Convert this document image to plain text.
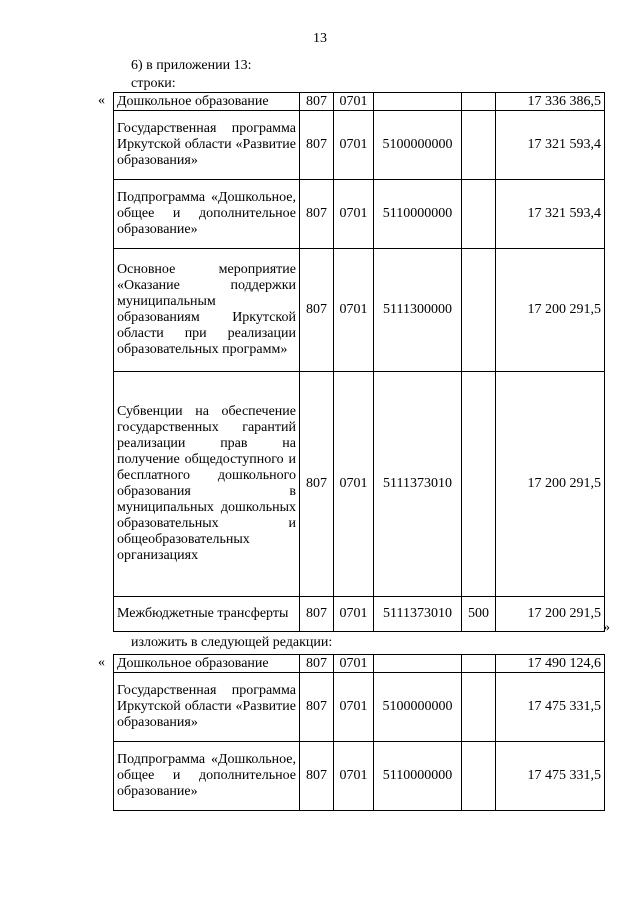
13
6) в приложении 13:
строки:
« Дошкольное образование	807	0701			17 336 386,5
Государственная программа Иркутской области «Развитие образования»	807	0701	5100000000		17 321 593,4
Подпрограмма «Дошкольное, общее и дополнительное образование»	807	0701	5110000000		17 321 593,4
Основное мероприятие «Оказание поддержки муниципальным образованиям Иркутской области при реализации образовательных программ»	807	0701	5111300000		17 200 291,5
Субвенции на обеспечение государственных гарантий реализации прав на получение общедоступного и бесплатного дошкольного образования в муниципальных дошкольных образовательных и общеобразовательных организациях	807	0701	5111373010		17 200 291,5
Межбюджетные трансферты	807	0701	5111373010	500	17 200 291,5
»
изложить в следующей редакции:
« Дошкольное образование	807	0701			17 490 124,6
Государственная программа Иркутской области «Развитие образования»	807	0701	5100000000		17 475 331,5
Подпрограмма «Дошкольное, общее и дополнительное образование»	807	0701	5110000000		17 475 331,5
